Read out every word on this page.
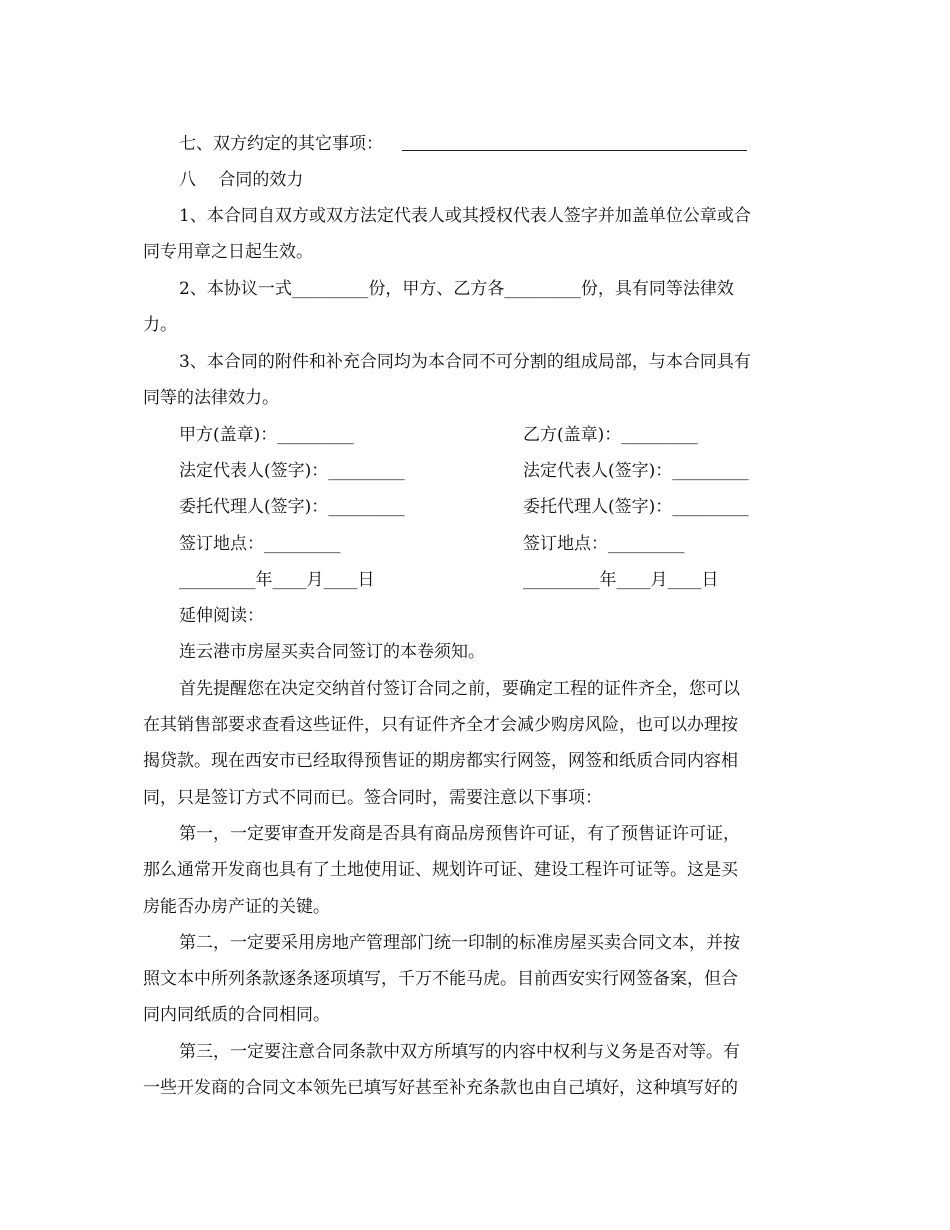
七、双方约定的其它事项：
八　 合同的效力
1、本合同自双方或双方法定代表人或其授权代表人签字并加盖单位公章或合
同专用章之日起生效。
2、本协议一式_________份，甲方、乙方各_________份，具有同等法律效
力。
3、本合同的附件和补充合同均为本合同不可分割的组成局部，与本合同具有
同等的法律效力。
甲方(盖章)：_________	乙方(盖章)：_________
法定代表人(签字)：_________	法定代表人(签字)：_________
委托代理人(签字)：_________	委托代理人(签字)：_________
签订地点：_________	签订地点：_________
_________年____月____日	_________年____月____日
延伸阅读：
连云港市房屋买卖合同签订的本卷须知。
首先提醒您在决定交纳首付签订合同之前，要确定工程的证件齐全，您可以
在其销售部要求查看这些证件，只有证件齐全才会减少购房风险，也可以办理按
揭贷款。现在西安市已经取得预售证的期房都实行网签，网签和纸质合同内容相
同，只是签订方式不同而已。签合同时，需要注意以下事项：
第一，一定要审查开发商是否具有商品房预售许可证，有了预售证许可证，
那么通常开发商也具有了土地使用证、规划许可证、建设工程许可证等。这是买
房能否办房产证的关键。
第二，一定要采用房地产管理部门统一印制的标准房屋买卖合同文本，并按
照文本中所列条款逐条逐项填写，千万不能马虎。目前西安实行网签备案，但合
同内同纸质的合同相同。
第三，一定要注意合同条款中双方所填写的内容中权利与义务是否对等。有
一些开发商的合同文本领先已填写好甚至补充条款也由自己填好，这种填写好的
